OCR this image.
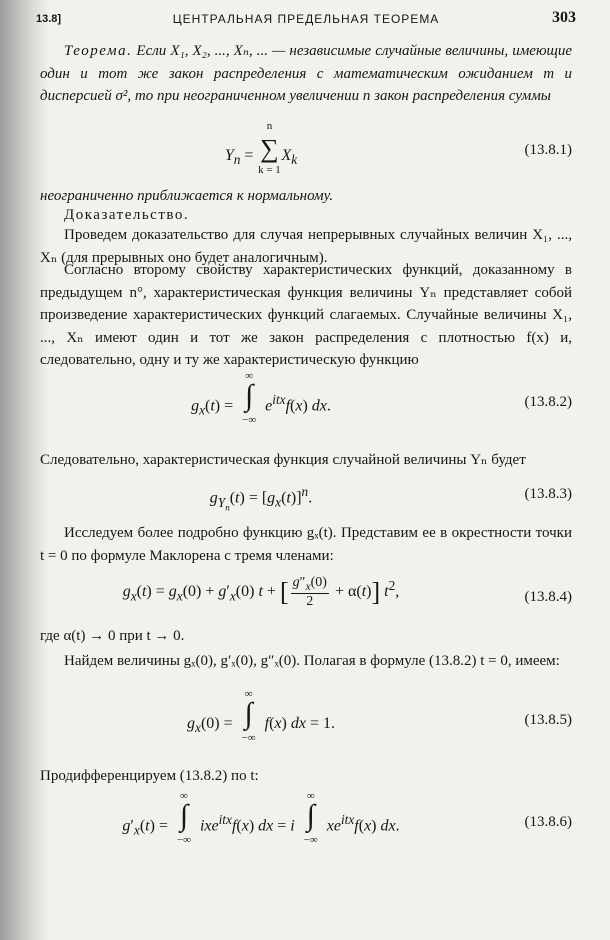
13.8]	ЦЕНТРАЛЬНАЯ ПРЕДЕЛЬНАЯ ТЕОРЕМА	303

Теорема. Если X₁, X₂, ..., Xₙ, ... — независимые случайные величины, имеющие один и тот же закон распределения с математическим ожиданием m и дисперсией σ², то при неограниченном увеличении n закон распределения суммы

$Y_n$ =
n
∑
k = 1
$X_k$
(13.8.1)

неограниченно приближается к нормальному.

Доказательство.

Проведем доказательство для случая непрерывных случайных величин X₁, ..., Xₙ (для прерывных оно будет аналогичным).

Согласно второму свойству характеристических функций, доказанному в предыдущем n°, характеристическая функция величины Yₙ представляет собой произведение характеристических функций слагаемых. Случайные величины X₁, ..., Xₙ имеют один и тот же закон распределения с плотностью f(x) и, следовательно, одну и ту же характеристическую функцию

$g_x(t)$ =
∞
∫
−∞
$e^{itx}f(x)$ dx.	(13.8.2)

Следовательно, характеристическая функция случайной величины Yₙ будет

$g_{Y_n}(t) = [g_x(t)]^n$.	(13.8.3)

Исследуем более подробно функцию gₓ(t). Представим ее в окрестности точки t = 0 по формуле Маклорена с тремя членами:

$g_x(t) = g_x(0) + g'_x(0) t$ + [ $\frac{g''_x(0)}{2} + \alpha(t)$] $t^2$,	(13.8.4)

где α(t) → 0 при t → 0.

Найдем величины gₓ(0), g′ₓ(0), g″ₓ(0). Полагая в формуле (13.8.2) t = 0, имеем:

$g_x(0)$ =
∞
∫
−∞
f(x) dx = 1.	(13.8.5)

Продифференцируем (13.8.2) по t:

$g'_x(t)$ =
∞
∫
−∞
ixe$^{itx}$f(x) dx = i
∞
∫
−∞
$xe^{itx}f(x)$ dx.	(13.8.6)
